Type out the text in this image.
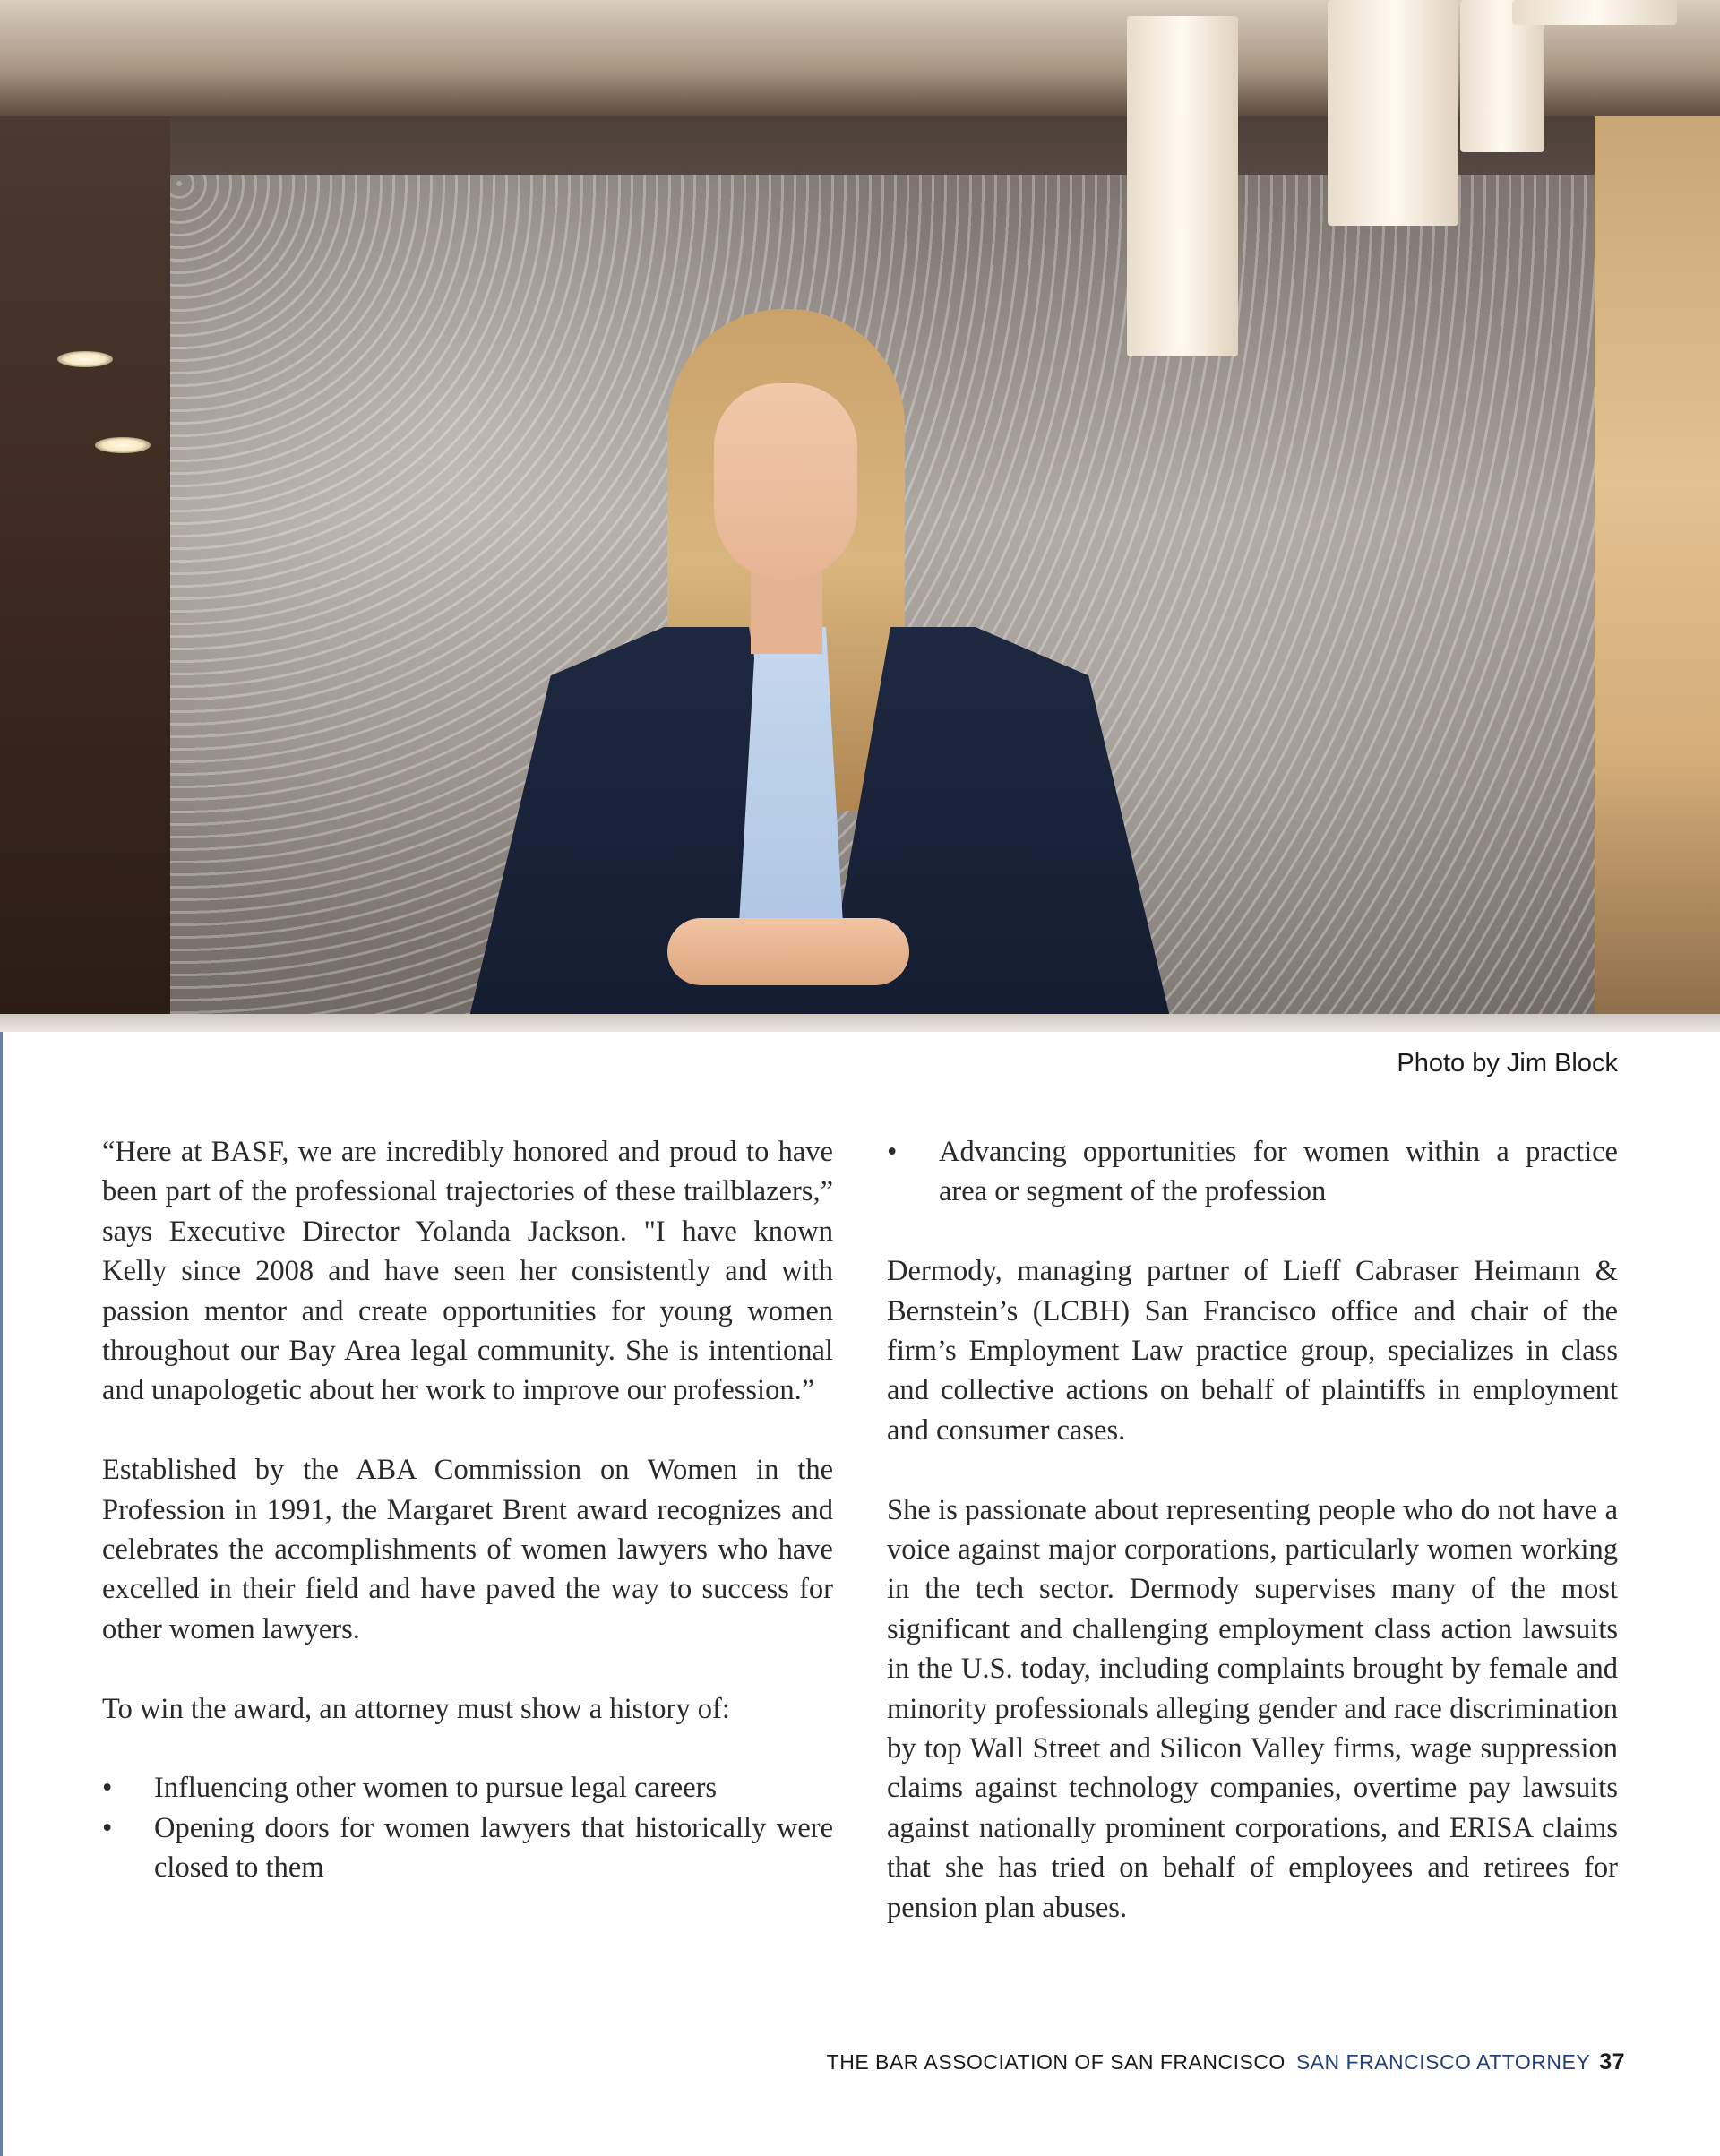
Photo by Jim Block

“Here at BASF, we are incredibly honored and proud to have been part of the professional trajectories of these trailblazers,” says Executive Director Yolanda Jackson. "I have known Kelly since 2008 and have seen her consistently and with passion mentor and create opportunities for young women throughout our Bay Area legal community. She is intentional and unapologetic about her work to improve our profession.”

Established by the ABA Commission on Women in the Profession in 1991, the Margaret Brent award recognizes and celebrates the accomplishments of women lawyers who have excelled in their field and have paved the way to success for other women lawyers.

To win the award, an attorney must show a history of:

• Influencing other women to pursue legal careers
• Opening doors for women lawyers that historically were closed to them
• Advancing opportunities for women within a practice area or segment of the profession

Dermody, managing partner of Lieff Cabraser Heimann & Bernstein’s (LCBH) San Francisco office and chair of the firm’s Employment Law practice group, specializes in class and collective actions on behalf of plaintiffs in employment and consumer cases.

She is passionate about representing people who do not have a voice against major corporations, particularly women working in the tech sector. Dermody supervises many of the most significant and challenging employment class action lawsuits in the U.S. today, including complaints brought by female and minority professionals alleging gender and race discrimination by top Wall Street and Silicon Valley firms, wage suppression claims against technology companies, overtime pay lawsuits against nationally prominent corporations, and ERISA claims that she has tried on behalf of employees and retirees for pension plan abuses.

THE BAR ASSOCIATION OF SAN FRANCISCO SAN FRANCISCO ATTORNEY 37
